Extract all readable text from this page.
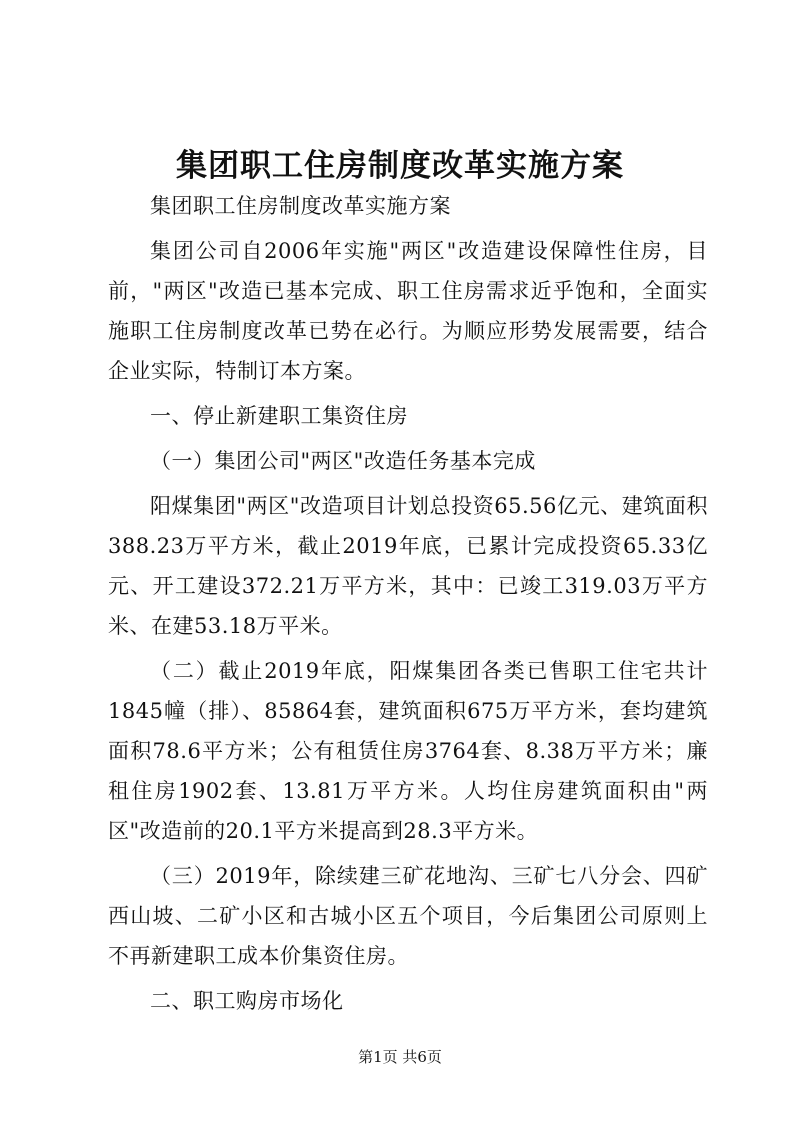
集团职工住房制度改革实施方案

集团职工住房制度改革实施方案

集团公司自2006年实施"两区"改造建设保障性住房，目前，"两区"改造已基本完成、职工住房需求近乎饱和，全面实施职工住房制度改革已势在必行。为顺应形势发展需要，结合企业实际，特制订本方案。

一、停止新建职工集资住房

（一）集团公司"两区"改造任务基本完成

阳煤集团"两区"改造项目计划总投资65.56亿元、建筑面积388.23万平方米，截止2019年底，已累计完成投资65.33亿元、开工建设372.21万平方米，其中：已竣工319.03万平方米、在建53.18万平米。

（二）截止2019年底，阳煤集团各类已售职工住宅共计1845幢（排）、85864套，建筑面积675万平方米，套均建筑面积78.6平方米；公有租赁住房3764套、8.38万平方米；廉租住房1902套、13.81万平方米。人均住房建筑面积由"两区"改造前的20.1平方米提高到28.3平方米。

（三）2019年，除续建三矿花地沟、三矿七八分会、四矿西山坡、二矿小区和古城小区五个项目，今后集团公司原则上不再新建职工成本价集资住房。

二、职工购房市场化

第1页 共6页
